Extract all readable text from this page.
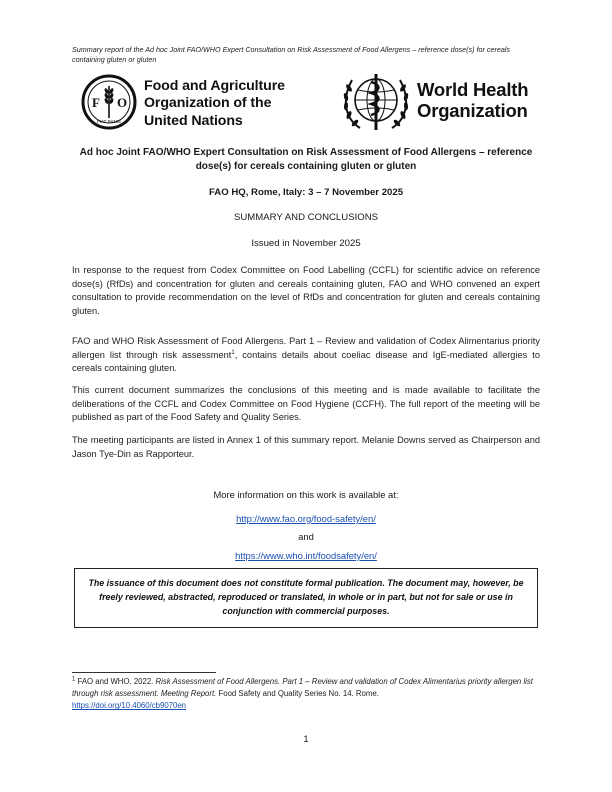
Summary report of the Ad hoc Joint FAO/WHO Expert Consultation on Risk Assessment of Food Allergens – reference dose(s) for cereals containing gluten or gluten
F O
FIAT PANIS
Food and Agriculture
Organization of the
United Nations
World Health
Organization
Ad hoc Joint FAO/WHO Expert Consultation on Risk Assessment of Food Allergens – reference dose(s) for cereals containing gluten or gluten
FAO HQ, Rome, Italy: 3 – 7 November 2025
SUMMARY AND CONCLUSIONS
Issued in November 2025

In response to the request from Codex Committee on Food Labelling (CCFL) for scientific advice on reference dose(s) (RfDs) and concentration for gluten and cereals containing gluten, FAO and WHO convened an expert consultation to provide recommendation on the level of RfDs and concentration for gluten and cereals containing gluten.

FAO and WHO Risk Assessment of Food Allergens. Part 1 – Review and validation of Codex Alimentarius priority allergen list through risk assessment$^1$, contains details about coeliac disease and IgE-mediated allergies to cereals containing gluten.

This current document summarizes the conclusions of this meeting and is made available to facilitate the deliberations of the CCFL and Codex Committee on Food Hygiene (CCFH). The full report of the meeting will be published as part of the Food Safety and Quality Series.

The meeting participants are listed in Annex 1 of this summary report. Melanie Downs served as Chairperson and Jason Tye-Din as Rapporteur.

More information on this work is available at:
http://www.fao.org/food-safety/en/
and
https://www.who.int/foodsafety/en/
The issuance of this document does not constitute formal publication. The document may, however, be freely reviewed, abstracted, reproduced or translated, in whole or in part, but not for sale or use in conjunction with commercial purposes.
$^1$ FAO and WHO. 2022. Risk Assessment of Food Allergens. Part 1 – Review and validation of Codex Alimentarius priority allergen list through risk assessment. Meeting Report. Food Safety and Quality Series No. 14. Rome.
https://doi.org/10.4060/cb9070en
1
